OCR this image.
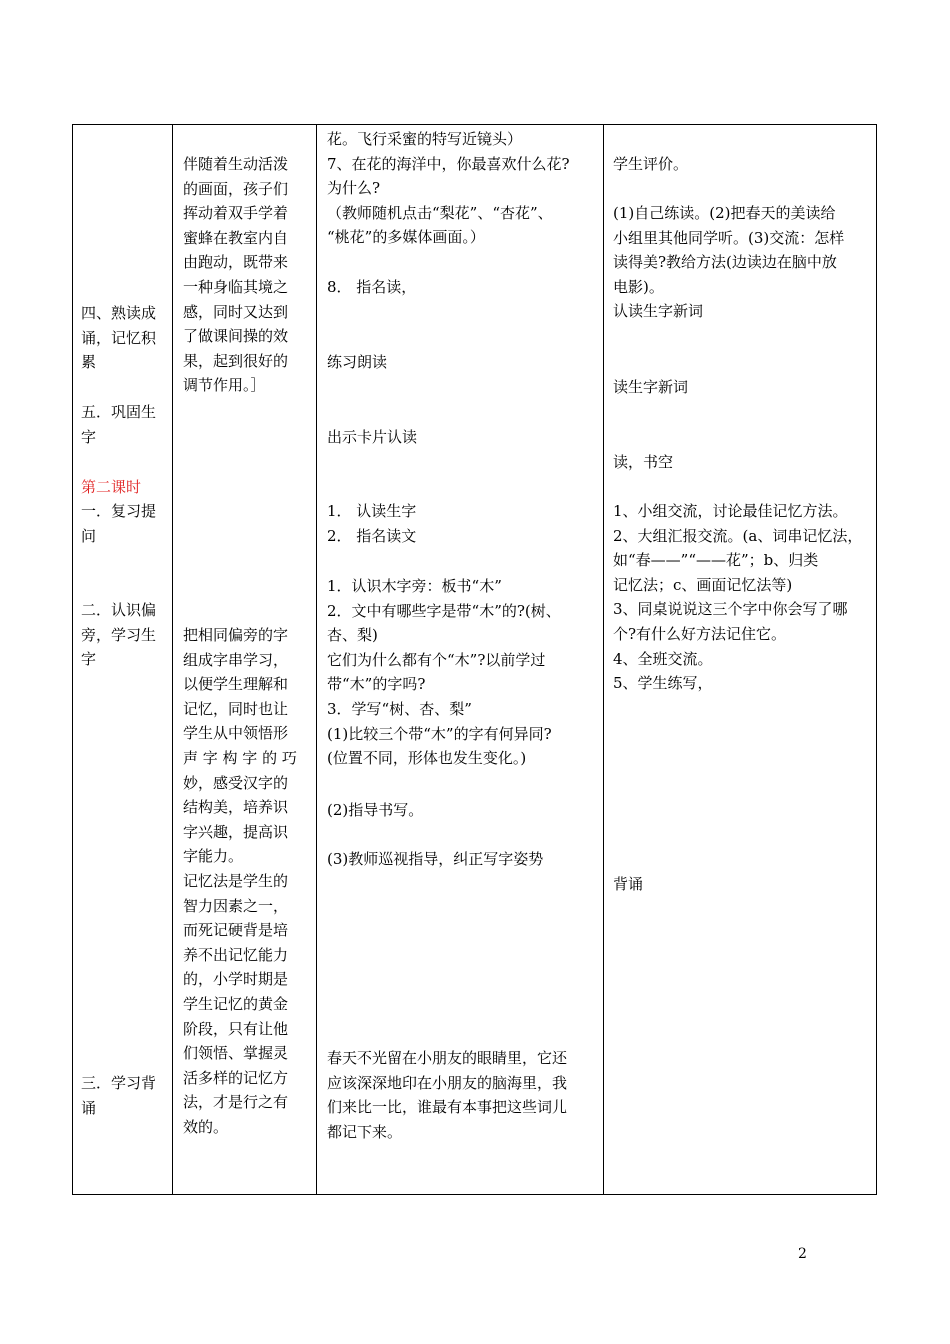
四、熟读成
诵，记忆积
累
五．巩固生
字
第二课时
一．复习提
问
二．认识偏
旁，学习生
字
三．学习背
诵
伴随着生动活泼
的画面，孩子们
挥动着双手学着
蜜蜂在教室内自
由跑动，既带来
一种身临其境之
感，同时又达到
了做课间操的效
果，起到很好的
调节作用。］
把相同偏旁的字
组成字串学习，
以便学生理解和
记忆，同时也让
学生从中领悟形
声 字 构 字 的 巧
妙，感受汉字的
结构美，培养识
字兴趣，提高识
字能力。
记忆法是学生的
智力因素之一，
而死记硬背是培
养不出记忆能力
的，小学时期是
学生记忆的黄金
阶段，只有让他
们领悟、掌握灵
活多样的记忆方
法，才是行之有
效的。
花。飞行采蜜的特写近镜头）
7、在花的海洋中，你最喜欢什么花?
为什么?
（教师随机点击“梨花”、“杏花”、
“桃花”的多媒体画面。）
8． 指名读，
练习朗读
出示卡片认读
1． 认读生字
2． 指名读文
1．认识木字旁：板书“木”
2．文中有哪些字是带“木”的?(树、
杏、梨)
它们为什么都有个“木”?以前学过
带“木”的字吗?
3．学写“树、杏、梨”
(1)比较三个带“木”的字有何异同?
(位置不同，形体也发生变化。)
(2)指导书写。
(3)教师巡视指导，纠正写字姿势
春天不光留在小朋友的眼睛里，它还
应该深深地印在小朋友的脑海里，我
们来比一比，谁最有本事把这些词儿
都记下来。
学生评价。
(1)自己练读。(2)把春天的美读给
小组里其他同学听。(3)交流：怎样
读得美?教给方法(边读边在脑中放
电影)。
认读生字新词
读生字新词
读，书空
1、小组交流，讨论最佳记忆方法。
2、大组汇报交流。(a、词串记忆法，
如“春——”“——花”；b、归类
记忆法；c、画面记忆法等)
3、同桌说说这三个字中你会写了哪
个?有什么好方法记住它。
4、全班交流。
5、学生练写，
背诵
2
